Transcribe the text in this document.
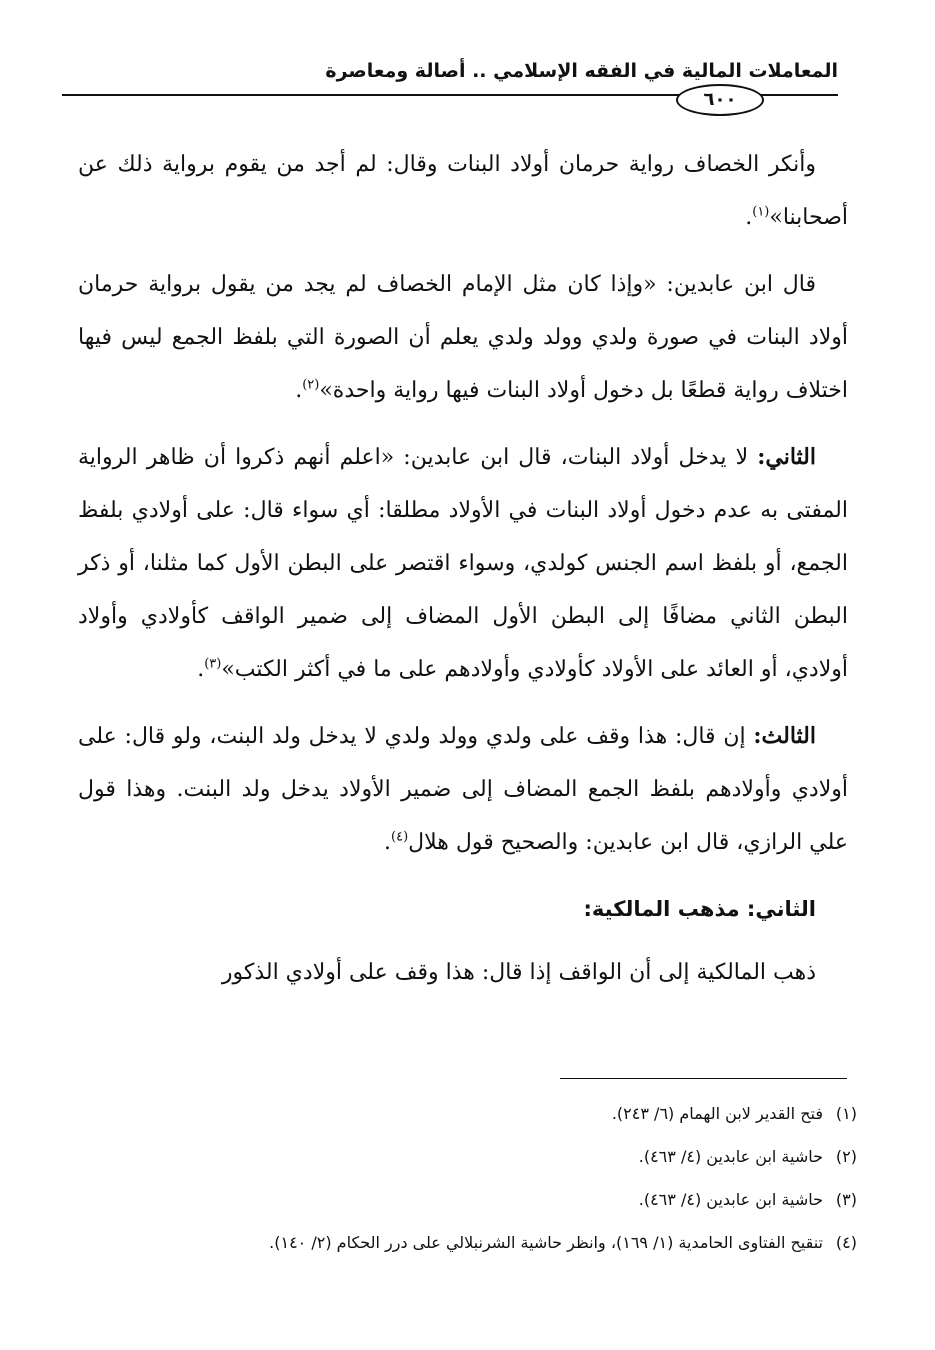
المعاملات المالية في الفقه الإسلامي .. أصالة ومعاصرة
٦٠٠

وأنكر الخصاف رواية حرمان أولاد البنات وقال: لم أجد من يقوم برواية ذلك عن أصحابنا»$^{(١)}$.

قال ابن عابدين: «وإذا كان مثل الإمام الخصاف لم يجد من يقول برواية حرمان أولاد البنات في صورة ولدي وولد ولدي يعلم أن الصورة التي بلفظ الجمع ليس فيها اختلاف رواية قطعًا بل دخول أولاد البنات فيها رواية واحدة»$^{(٢)}$.

الثاني: لا يدخل أولاد البنات، قال ابن عابدين: «اعلم أنهم ذكروا أن ظاهر الرواية المفتى به عدم دخول أولاد البنات في الأولاد مطلقا: أي سواء قال: على أولادي بلفظ الجمع، أو بلفظ اسم الجنس كولدي، وسواء اقتصر على البطن الأول كما مثلنا، أو ذكر البطن الثاني مضافًا إلى البطن الأول المضاف إلى ضمير الواقف كأولادي وأولاد أولادي، أو العائد على الأولاد كأولادي وأولادهم على ما في أكثر الكتب»$^{(٣)}$.

الثالث: إن قال: هذا وقف على ولدي وولد ولدي لا يدخل ولد البنت، ولو قال: على أولادي وأولادهم بلفظ الجمع المضاف إلى ضمير الأولاد يدخل ولد البنت. وهذا قول علي الرازي، قال ابن عابدين: والصحيح قول هلال$^{(٤)}$.

الثاني: مذهب المالكية:

ذهب المالكية إلى أن الواقف إذا قال: هذا وقف على أولادي الذكور

(١)فتح القدير لابن الهمام (٦/ ٢٤٣).
(٢)حاشية ابن عابدين (٤/ ٤٦٣).
(٣)حاشية ابن عابدين (٤/ ٤٦٣).
(٤)تنقيح الفتاوى الحامدية (١/ ١٦٩)، وانظر حاشية الشرنبلالي على درر الحكام (٢/ ١٤٠).
